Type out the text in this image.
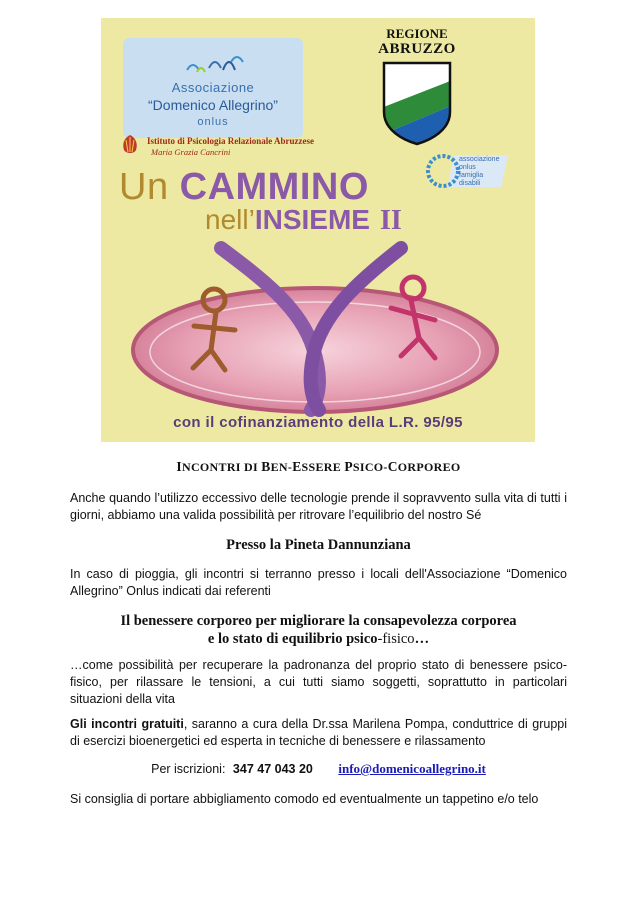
Associazione
“Domenico Allegrino”
onlus
Istituto di Psicologia Relazionale Abruzzese
Maria Grazia Cancrini
REGIONE
ABRUZZO
associazione
onlus
famiglia
disabili
Un CAMMINO
nell’INSIEME II
con il cofinanziamento della L.R. 95/95
INCONTRI DI BEN-ESSERE PSICO-CORPOREO
Anche quando l’utilizzo eccessivo delle tecnologie prende il sopravvento sulla vita di tutti i giorni, abbiamo una valida possibilità per ritrovare l’equilibrio del nostro Sé
Presso la Pineta Dannunziana
In caso di pioggia, gli incontri si terranno presso i locali dell'Associazione “Domenico Allegrino” Onlus indicati dai referenti
Il benessere corporeo per migliorare la consapevolezza corporea
e lo stato di equilibrio psico-fisico…
…come possibilità per recuperare la padronanza del proprio stato di benessere psico-fisico, per rilassare le tensioni, a cui tutti siamo soggetti, soprattutto in particolari situazioni della vita
Gli incontri gratuiti, saranno a cura della Dr.ssa Marilena Pompa, conduttrice di gruppi di esercizi bioenergetici ed esperta in tecniche di benessere e rilassamento
Per iscrizioni: 347 47 043 20 info@domenicoallegrino.it
Si consiglia di portare abbigliamento comodo ed eventualmente un tappetino e/o telo
